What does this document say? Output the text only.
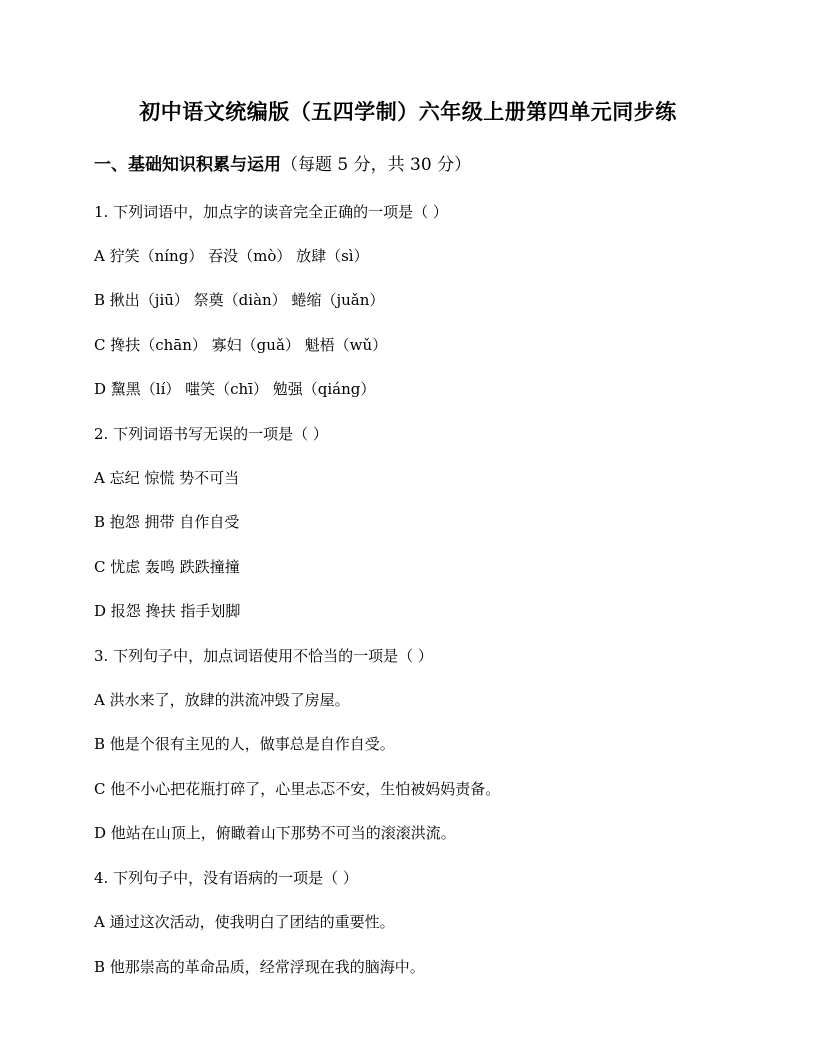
初中语文统编版（五四学制）六年级上册第四单元同步练
一、基础知识积累与运用（每题 5 分，共 30 分）
1. 下列词语中，加点字的读音完全正确的一项是（ ）
A 狞笑（níng） 吞没（mò） 放肆（sì）
B 揪出（jiū） 祭奠（diàn） 蜷缩（juǎn）
C 搀扶（chān） 寡妇（guǎ） 魁梧（wǔ）
D 黧黑（lí） 嗤笑（chī） 勉强（qiáng）
2. 下列词语书写无误的一项是（ ）
A 忘纪 惊慌 势不可当
B 抱怨 拥带 自作自受
C 忧虑 轰鸣 跌跌撞撞
D 报怨 搀扶 指手划脚
3. 下列句子中，加点词语使用不恰当的一项是（ ）
A 洪水来了，放肆的洪流冲毁了房屋。
B 他是个很有主见的人，做事总是自作自受。
C 他不小心把花瓶打碎了，心里忐忑不安，生怕被妈妈责备。
D 他站在山顶上，俯瞰着山下那势不可当的滚滚洪流。
4. 下列句子中，没有语病的一项是（ ）
A 通过这次活动，使我明白了团结的重要性。
B 他那崇高的革命品质，经常浮现在我的脑海中。
